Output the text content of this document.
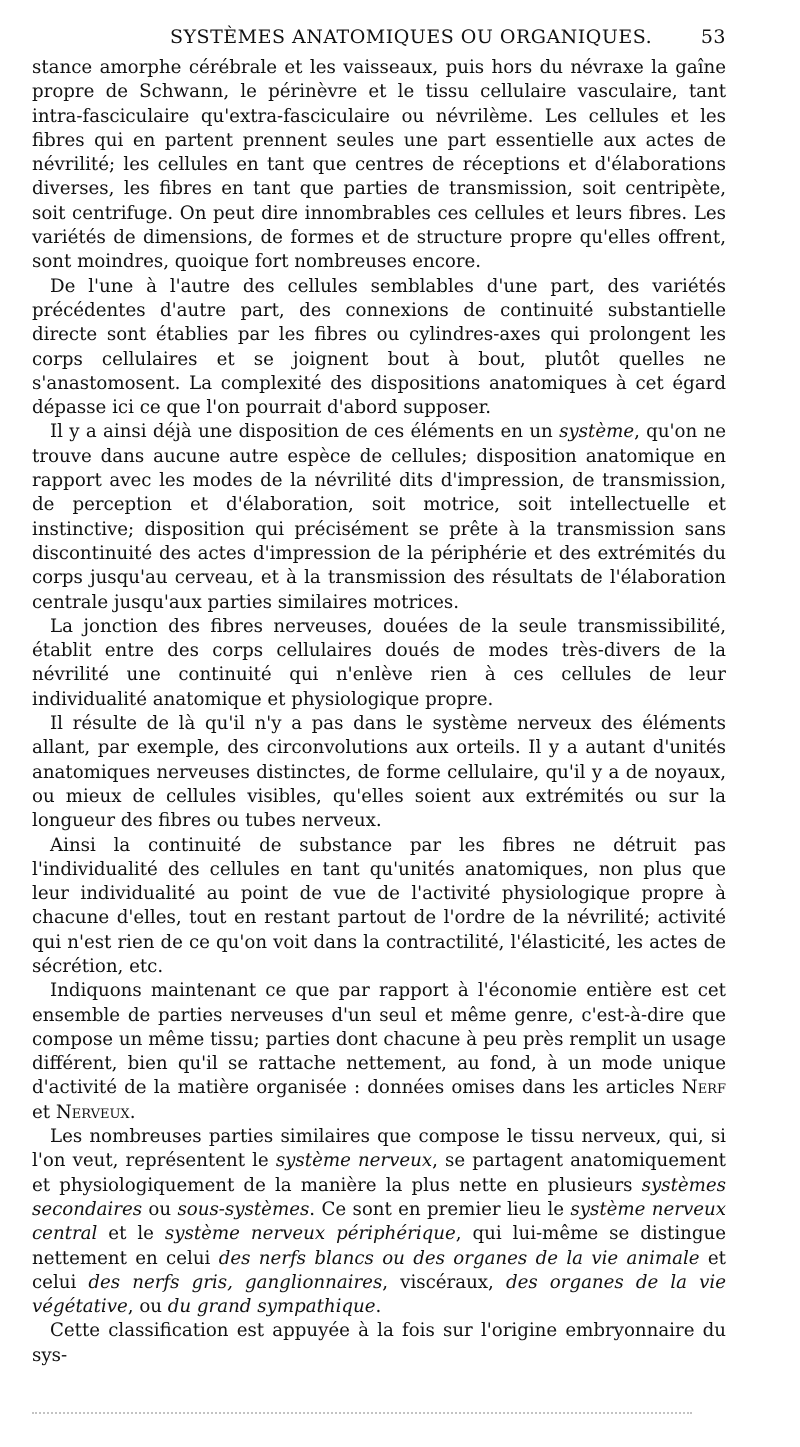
SYSTÈMES ANATOMIQUES OU ORGANIQUES.	53

stance amorphe cérébrale et les vaisseaux, puis hors du névraxe la gaîne propre de Schwann, le périnèvre et le tissu cellulaire vasculaire, tant intra-fasciculaire qu'extra-fasciculaire ou névrilème. Les cellules et les fibres qui en partent prennent seules une part essentielle aux actes de névrilité; les cellules en tant que centres de réceptions et d'élaborations diverses, les fibres en tant que parties de transmission, soit centripète, soit centrifuge. On peut dire innombrables ces cellules et leurs fibres. Les variétés de dimensions, de formes et de structure propre qu'elles offrent, sont moindres, quoique fort nombreuses encore.

De l'une à l'autre des cellules semblables d'une part, des variétés précédentes d'autre part, des connexions de continuité substantielle directe sont établies par les fibres ou cylindres-axes qui prolongent les corps cellulaires et se joignent bout à bout, plutôt quelles ne s'anastomosent. La complexité des dispositions anatomiques à cet égard dépasse ici ce que l'on pourrait d'abord supposer.

Il y a ainsi déjà une disposition de ces éléments en un système, qu'on ne trouve dans aucune autre espèce de cellules; disposition anatomique en rapport avec les modes de la névrilité dits d'impression, de transmission, de perception et d'élaboration, soit motrice, soit intellectuelle et instinctive; disposition qui précisément se prête à la transmission sans discontinuité des actes d'impression de la périphérie et des extrémités du corps jusqu'au cerveau, et à la transmission des résultats de l'élaboration centrale jusqu'aux parties similaires motrices.

La jonction des fibres nerveuses, douées de la seule transmissibilité, établit entre des corps cellulaires doués de modes très-divers de la névrilité une continuité qui n'enlève rien à ces cellules de leur individualité anatomique et physiologique propre.

Il résulte de là qu'il n'y a pas dans le système nerveux des éléments allant, par exemple, des circonvolutions aux orteils. Il y a autant d'unités anatomiques nerveuses distinctes, de forme cellulaire, qu'il y a de noyaux, ou mieux de cellules visibles, qu'elles soient aux extrémités ou sur la longueur des fibres ou tubes nerveux.

Ainsi la continuité de substance par les fibres ne détruit pas l'individualité des cellules en tant qu'unités anatomiques, non plus que leur individualité au point de vue de l'activité physiologique propre à chacune d'elles, tout en restant partout de l'ordre de la névrilité; activité qui n'est rien de ce qu'on voit dans la contractilité, l'élasticité, les actes de sécrétion, etc.

Indiquons maintenant ce que par rapport à l'économie entière est cet ensemble de parties nerveuses d'un seul et même genre, c'est-à-dire que compose un même tissu; parties dont chacune à peu près remplit un usage différent, bien qu'il se rattache nettement, au fond, à un mode unique d'activité de la matière organisée : données omises dans les articles Nerf et Nerveux.

Les nombreuses parties similaires que compose le tissu nerveux, qui, si l'on veut, représentent le système nerveux, se partagent anatomiquement et physiologiquement de la manière la plus nette en plusieurs systèmes secondaires ou sous-systèmes. Ce sont en premier lieu le système nerveux central et le système nerveux périphérique, qui lui-même se distingue nettement en celui des nerfs blancs ou des organes de la vie animale et celui des nerfs gris, ganglionnaires, viscéraux, des organes de la vie végétative, ou du grand sympathique.

Cette classification est appuyée à la fois sur l'origine embryonnaire du sys-
